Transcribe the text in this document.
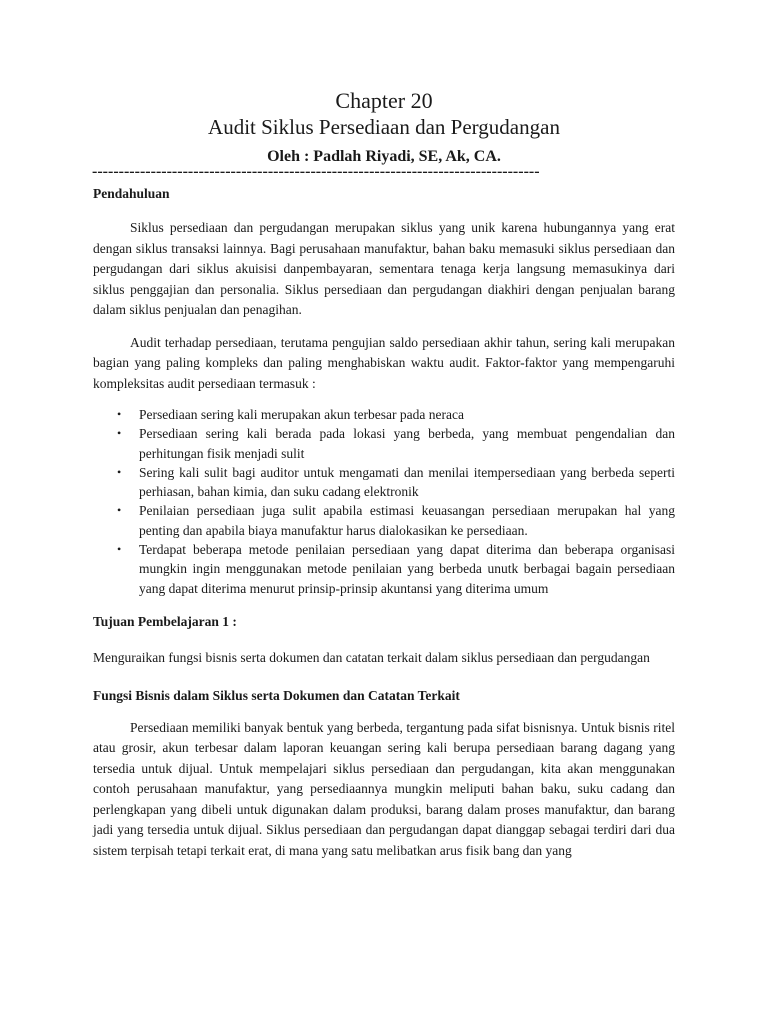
Chapter 20
Audit Siklus Persediaan dan Pergudangan
Oleh : Padlah Riyadi, SE, Ak, CA.
------------------------------------------------------------------------------------
Pendahuluan

Siklus persediaan dan pergudangan merupakan siklus yang unik karena hubungannya yang erat dengan siklus transaksi lainnya. Bagi perusahaan manufaktur, bahan baku memasuki siklus persediaan dan pergudangan dari siklus akuisisi danpembayaran, sementara tenaga kerja langsung memasukinya dari siklus penggajian dan personalia. Siklus persediaan dan pergudangan diakhiri dengan penjualan barang dalam siklus penjualan dan penagihan.

Audit terhadap persediaan, terutama pengujian saldo persediaan akhir tahun, sering kali merupakan bagian yang paling kompleks dan paling menghabiskan waktu audit. Faktor-faktor yang mempengaruhi kompleksitas audit persediaan termasuk :

• Persediaan sering kali merupakan akun terbesar pada neraca
• Persediaan sering kali berada pada lokasi yang berbeda, yang membuat pengendalian dan perhitungan fisik menjadi sulit
• Sering kali sulit bagi auditor untuk mengamati dan menilai itempersediaan yang berbeda seperti perhiasan, bahan kimia, dan suku cadang elektronik
• Penilaian persediaan juga sulit apabila estimasi keuasangan persediaan merupakan hal yang penting dan apabila biaya manufaktur harus dialokasikan ke persediaan.
• Terdapat beberapa metode penilaian persediaan yang dapat diterima dan beberapa organisasi mungkin ingin menggunakan metode penilaian yang berbeda unutk berbagai bagain persediaan yang dapat diterima menurut prinsip-prinsip akuntansi yang diterima umum
Tujuan Pembelajaran 1 :

Menguraikan fungsi bisnis serta dokumen dan catatan terkait dalam siklus persediaan dan pergudangan

Fungsi Bisnis dalam Siklus serta Dokumen dan Catatan Terkait

Persediaan memiliki banyak bentuk yang berbeda, tergantung pada sifat bisnisnya. Untuk bisnis ritel atau grosir, akun terbesar dalam laporan keuangan sering kali berupa persediaan barang dagang yang tersedia untuk dijual. Untuk mempelajari siklus persediaan dan pergudangan, kita akan menggunakan contoh perusahaan manufaktur, yang persediaannya mungkin meliputi bahan baku, suku cadang dan perlengkapan yang dibeli untuk digunakan dalam produksi, barang dalam proses manufaktur, dan barang jadi yang tersedia untuk dijual. Siklus persediaan dan pergudangan dapat dianggap sebagai terdiri dari dua sistem terpisah tetapi terkait erat, di mana yang satu melibatkan arus fisik bang dan yang
